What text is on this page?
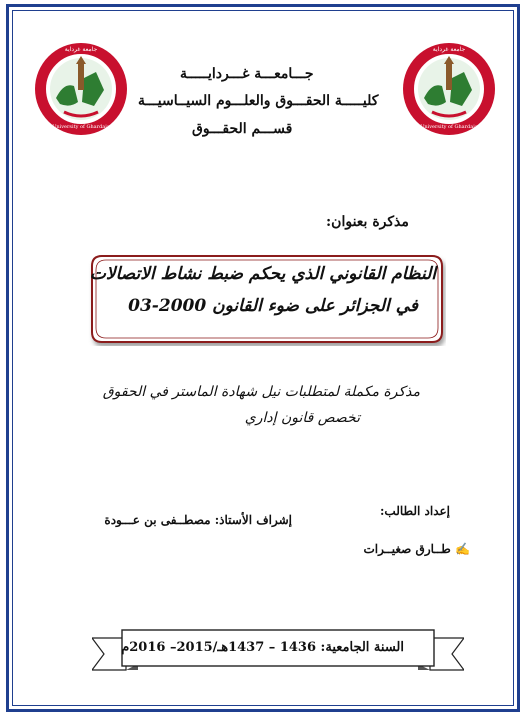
جامعة غرداية
University of Ghardaia
جامعة غرداية
University of Ghardaia
جـــامعـــة غـــردايـــــة
كليـــــة الحقـــوق والعلـــوم السيــاسيـــة
قســـم الحقـــوق
مذكرة بعنوان:
النظام القانوني الذي يحكم ضبط نشاط الاتصالات
في الجزائر على ضوء القانون 2000-03
مذكرة مكملة لمتطلبات نيل شهادة الماستر في الحقوق
تخصص قانون إداري
إعداد الطالب:
إشراف الأستاذ: مصطــفى بن عـــودة
✍ طــارق صغيــرات
السنة الجامعية: 1436 – 1437هـ/2015– 2016م
